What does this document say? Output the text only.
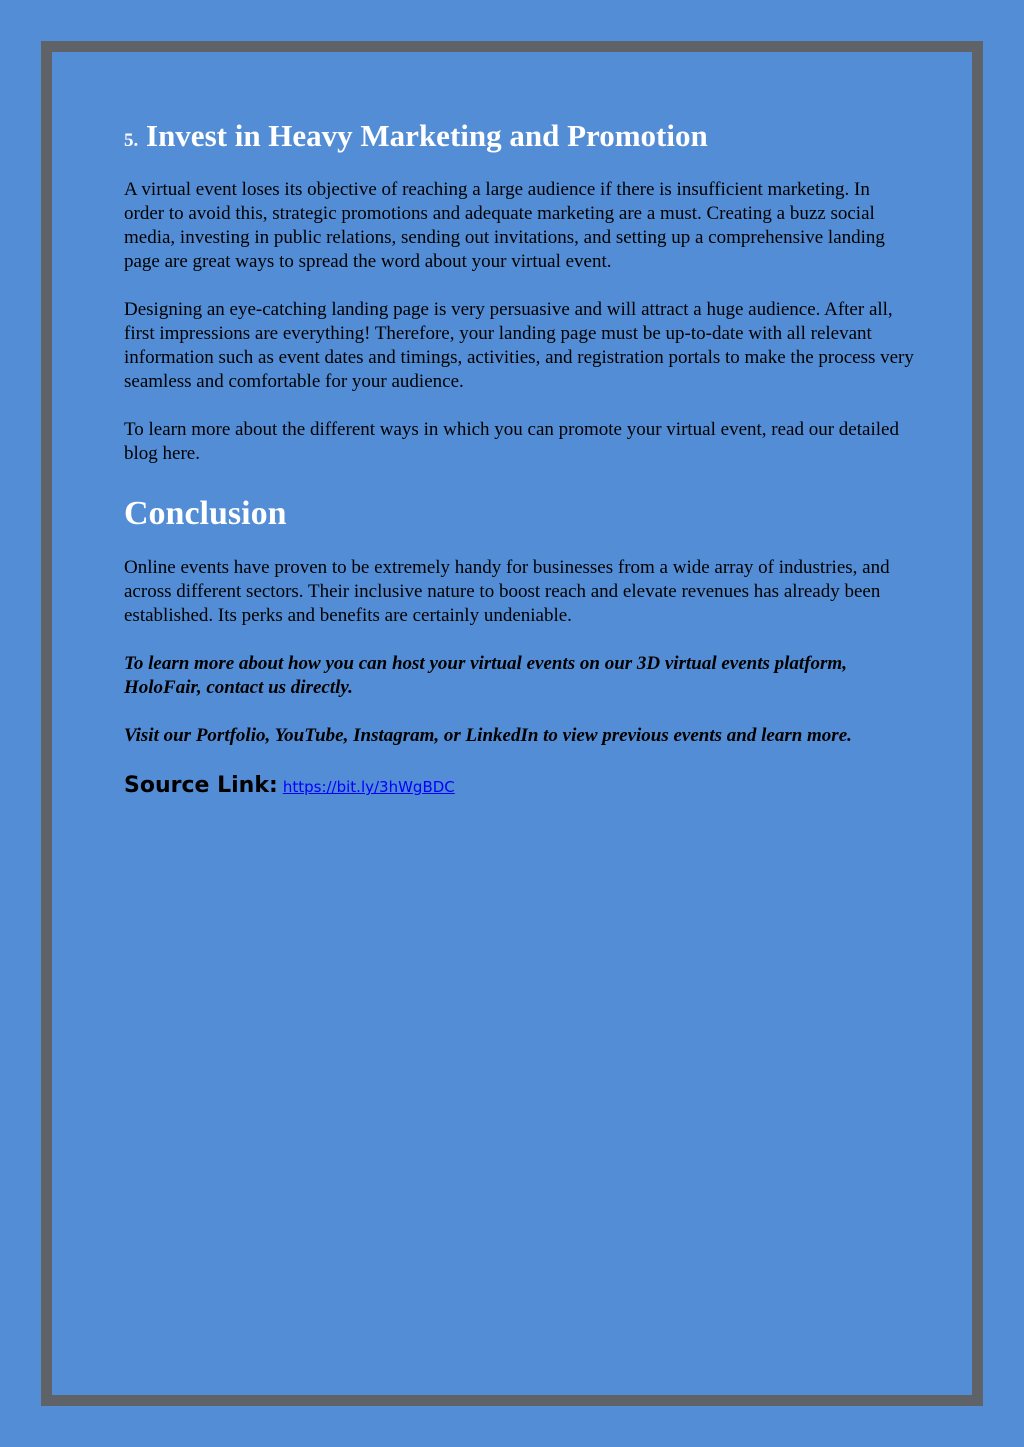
5. Invest in Heavy Marketing and Promotion

A virtual event loses its objective of reaching a large audience if there is insufficient marketing. In order to avoid this, strategic promotions and adequate marketing are a must. Creating a buzz social media, investing in public relations, sending out invitations, and setting up a comprehensive landing page are great ways to spread the word about your virtual event.

Designing an eye-catching landing page is very persuasive and will attract a huge audience. After all, first impressions are everything! Therefore, your landing page must be up-to-date with all relevant information such as event dates and timings, activities, and registration portals to make the process very seamless and comfortable for your audience.

To learn more about the different ways in which you can promote your virtual event, read our detailed blog here.

Conclusion

Online events have proven to be extremely handy for businesses from a wide array of industries, and across different sectors. Their inclusive nature to boost reach and elevate revenues has already been established. Its perks and benefits are certainly undeniable.

To learn more about how you can host your virtual events on our 3D virtual events platform, HoloFair, contact us directly.

Visit our Portfolio, YouTube, Instagram, or LinkedIn to view previous events and learn more.

Source Link: https://bit.ly/3hWgBDC
